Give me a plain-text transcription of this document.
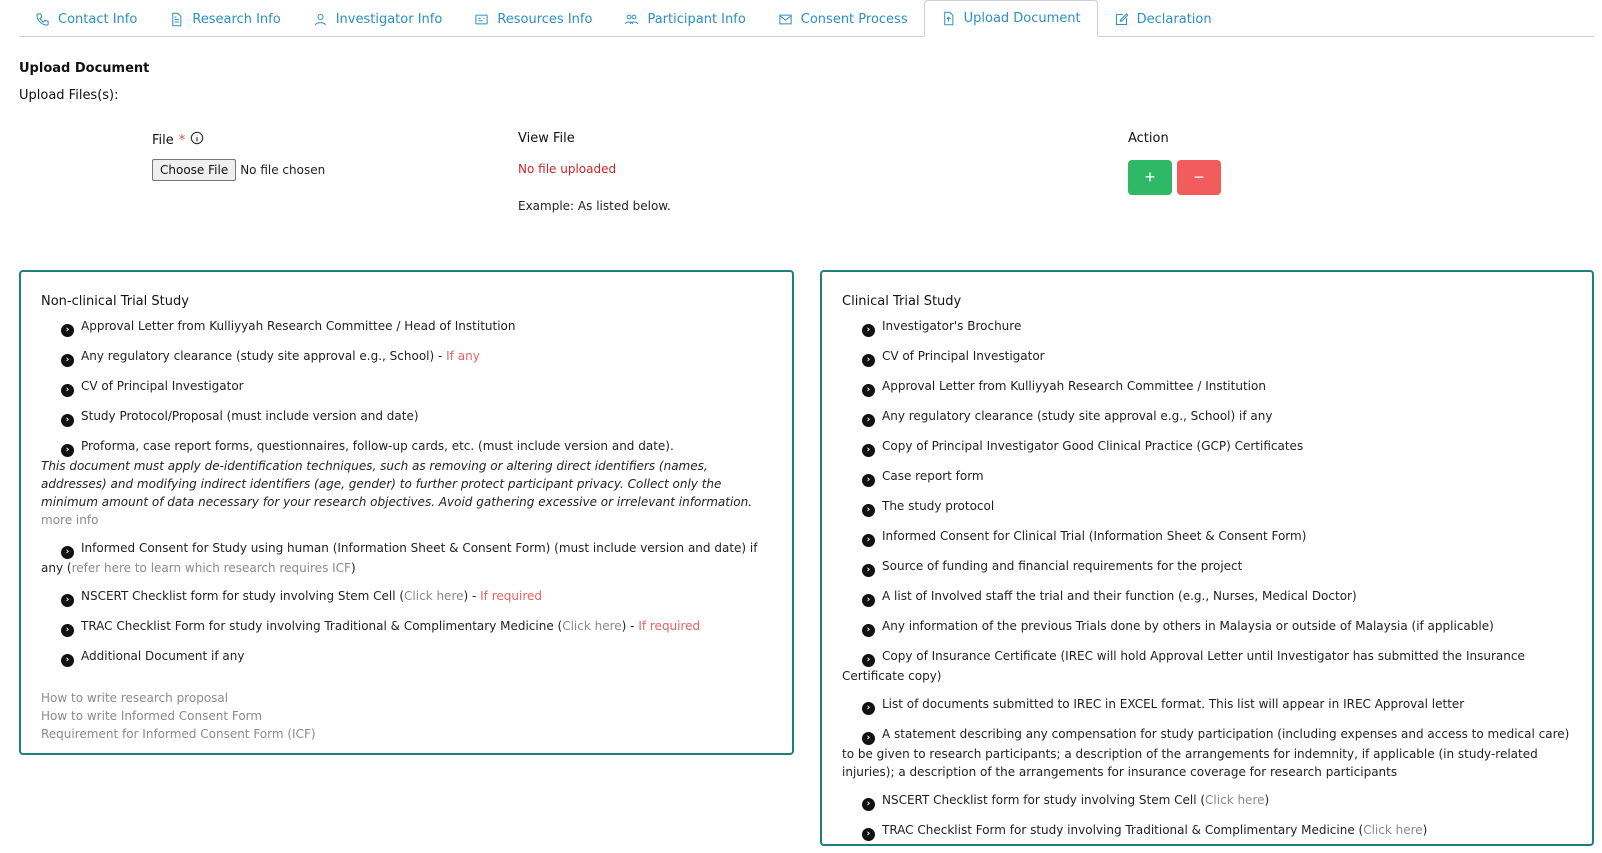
Contact Info	Research Info	Investigator Info	Resources Info	Participant Info	Consent Process	Upload Document	Declaration
Upload Document
Upload Files(s):
File *	View File	Action
Choose File	No file chosen	No file uploaded
Example: As listed below.
+	−
Non-clinical Trial Study
› Approval Letter from Kulliyyah Research Committee / Head of Institution
› Any regulatory clearance (study site approval e.g., School) - If any
› CV of Principal Investigator
› Study Protocol/Proposal (must include version and date)
› Proforma, case report forms, questionnaires, follow-up cards, etc. (must include version and date).
This document must apply de-identification techniques, such as removing or altering direct identifiers (names, addresses) and modifying indirect identifiers (age, gender) to further protect participant privacy. Collect only the minimum amount of data necessary for your research objectives. Avoid gathering excessive or irrelevant information.
more info
› Informed Consent for Study using human (Information Sheet & Consent Form) (must include version and date) if any (refer here to learn which research requires ICF)
› NSCERT Checklist form for study involving Stem Cell (Click here) - If required
› TRAC Checklist Form for study involving Traditional & Complimentary Medicine (Click here) - If required
› Additional Document if any
How to write research proposal
How to write Informed Consent Form
Requirement for Informed Consent Form (ICF)
Clinical Trial Study
› Investigator's Brochure
› CV of Principal Investigator
› Approval Letter from Kulliyyah Research Committee / Institution
› Any regulatory clearance (study site approval e.g., School) if any
› Copy of Principal Investigator Good Clinical Practice (GCP) Certificates
› Case report form
› The study protocol
› Informed Consent for Clinical Trial (Information Sheet & Consent Form)
› Source of funding and financial requirements for the project
› A list of Involved staff the trial and their function (e.g., Nurses, Medical Doctor)
› Any information of the previous Trials done by others in Malaysia or outside of Malaysia (if applicable)
› Copy of Insurance Certificate (IREC will hold Approval Letter until Investigator has submitted the Insurance Certificate copy)
› List of documents submitted to IREC in EXCEL format. This list will appear in IREC Approval letter
› A statement describing any compensation for study participation (including expenses and access to medical care) to be given to research participants; a description of the arrangements for indemnity, if applicable (in study-related injuries); a description of the arrangements for insurance coverage for research participants
› NSCERT Checklist form for study involving Stem Cell (Click here)
› TRAC Checklist Form for study involving Traditional & Complimentary Medicine (Click here)
